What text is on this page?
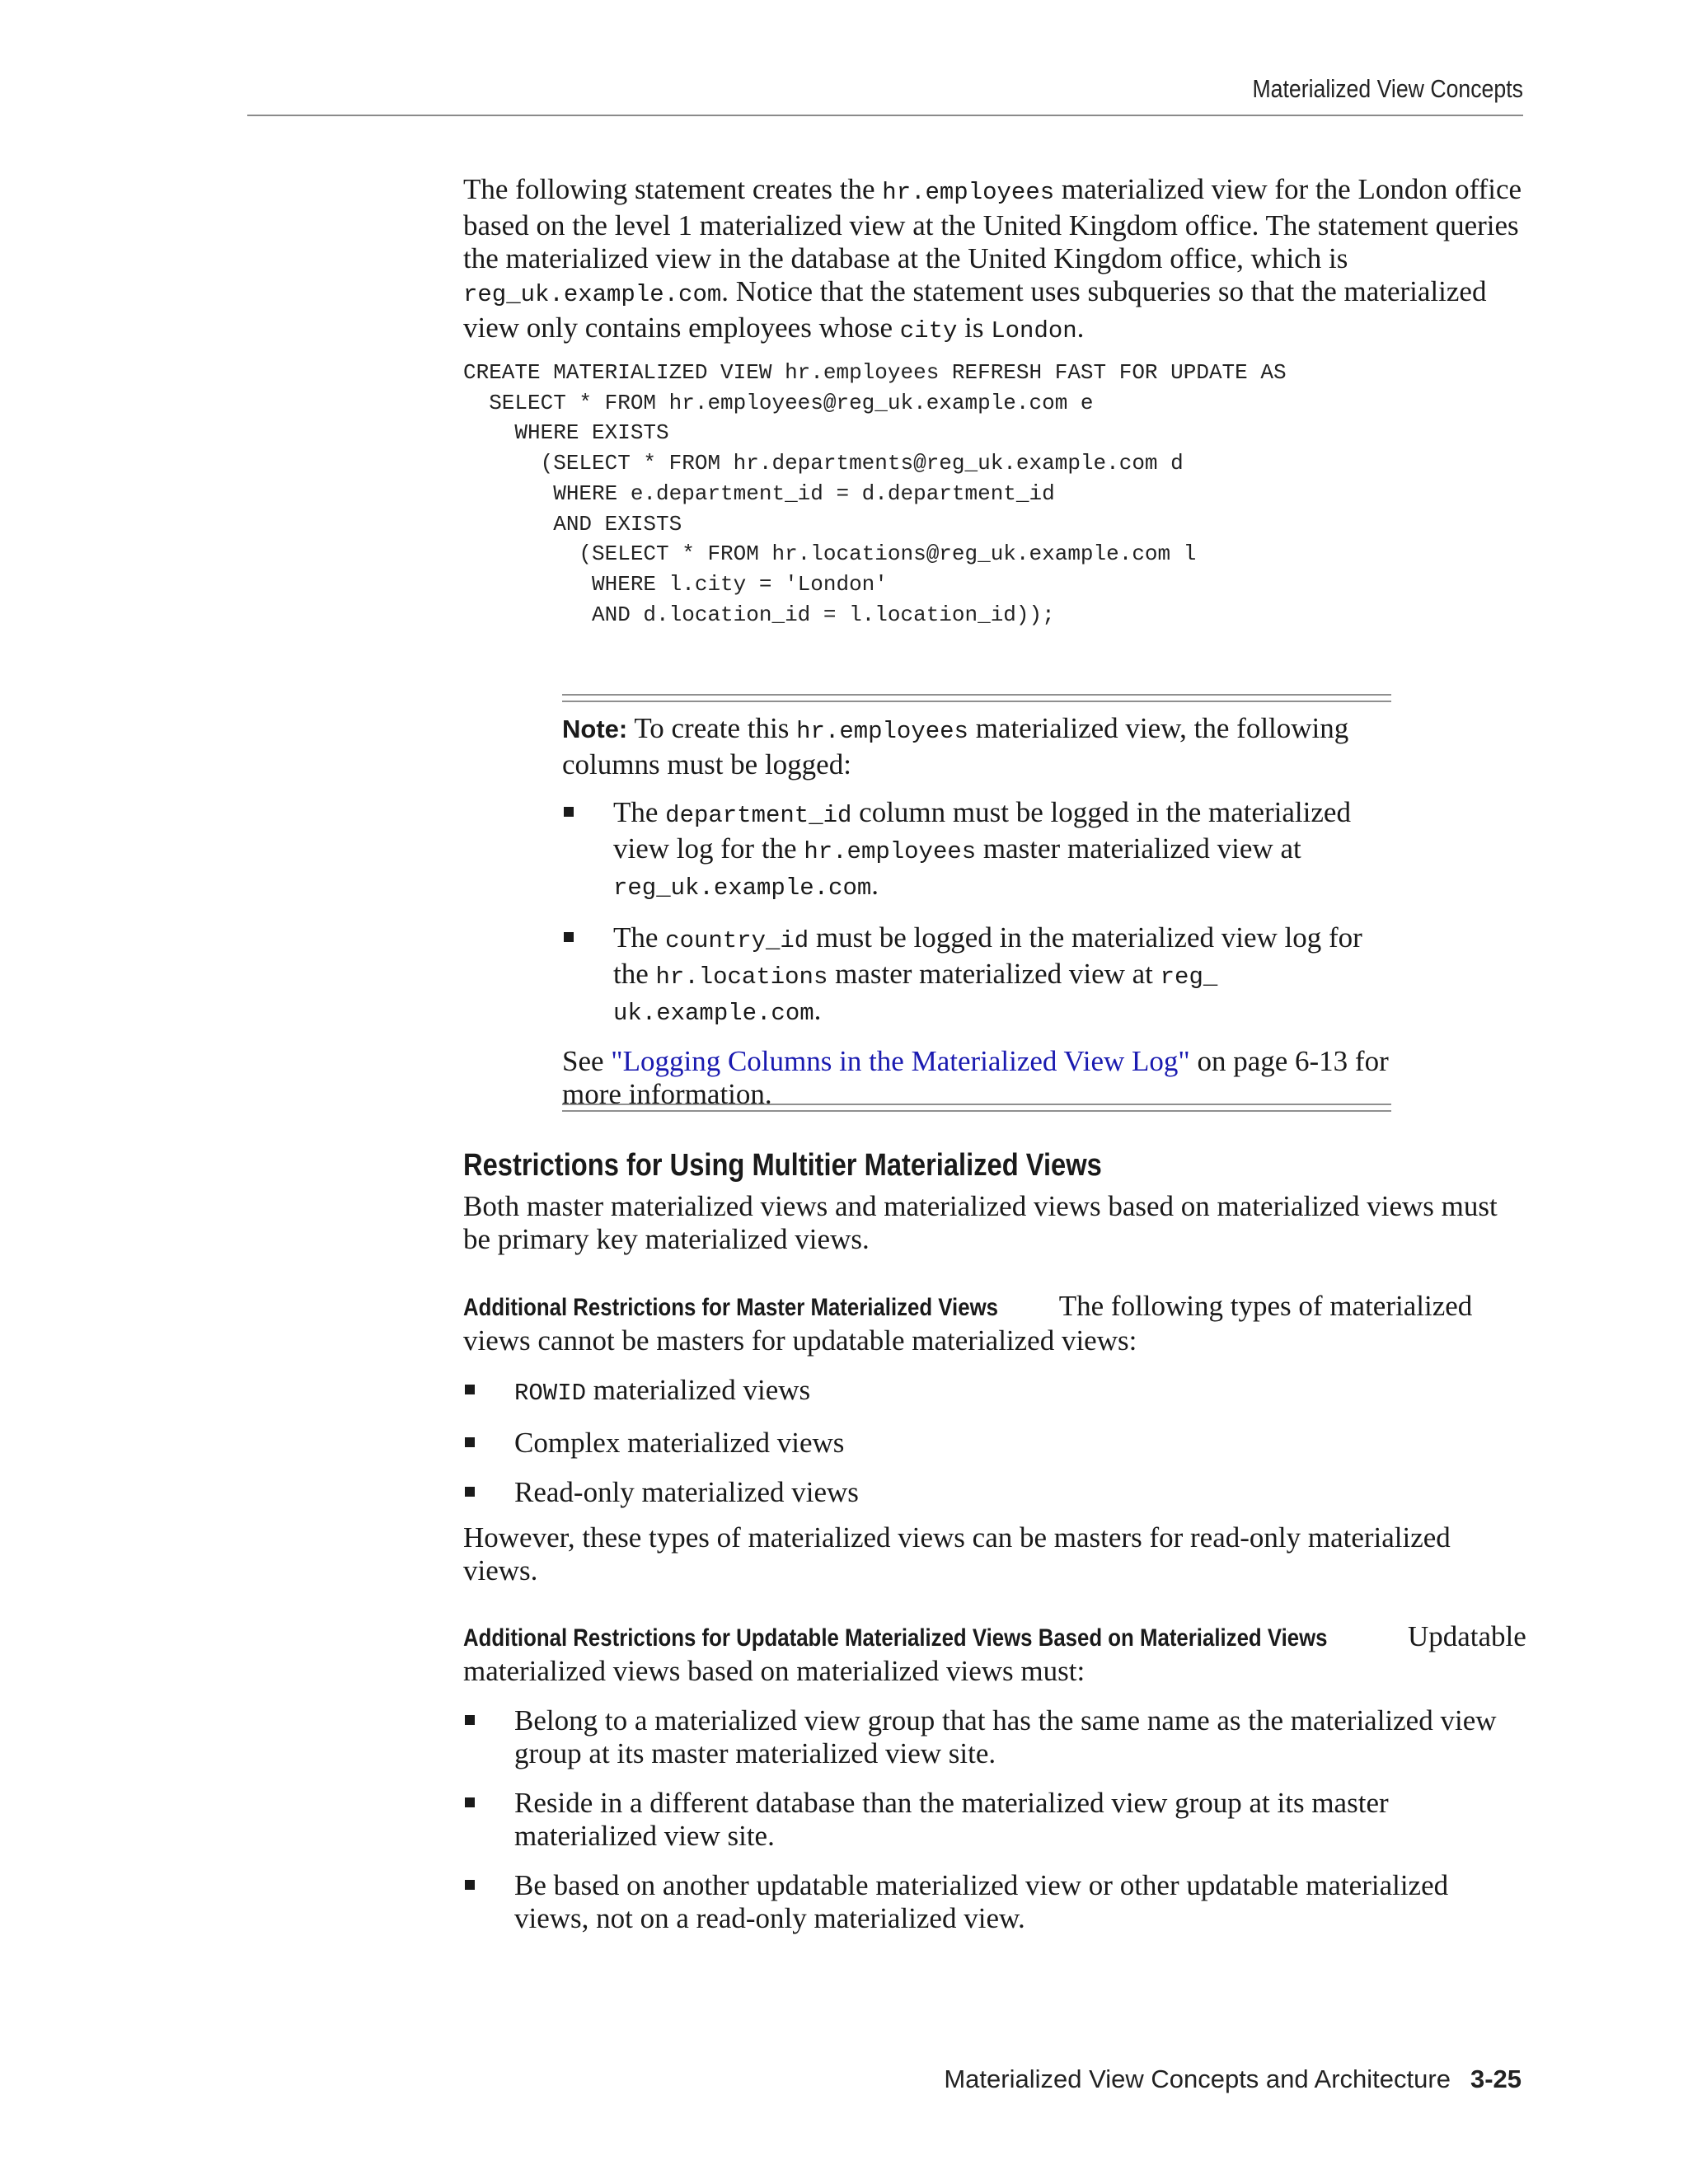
Materialized View Concepts
The following statement creates the hr.employees materialized view for the London office based on the level 1 materialized view at the United Kingdom office. The statement queries the materialized view in the database at the United Kingdom office, which is reg_uk.example.com. Notice that the statement uses subqueries so that the materialized view only contains employees whose city is London.
CREATE MATERIALIZED VIEW hr.employees REFRESH FAST FOR UPDATE AS
SELECT * FROM hr.employees@reg_uk.example.com e
WHERE EXISTS
(SELECT * FROM hr.departments@reg_uk.example.com d
WHERE e.department_id = d.department_id
AND EXISTS
(SELECT * FROM hr.locations@reg_uk.example.com l
WHERE l.city = 'London'
AND d.location_id = l.location_id));
Note: To create this hr.employees materialized view, the following columns must be logged:
The department_id column must be logged in the materialized view log for the hr.employees master materialized view at reg_uk.example.com.
The country_id must be logged in the materialized view log for the hr.locations master materialized view at reg_
uk.example.com.
See "Logging Columns in the Materialized View Log" on page 6-13 for more information.
Restrictions for Using Multitier Materialized Views
Both master materialized views and materialized views based on materialized views must be primary key materialized views.
Additional Restrictions for Master Materialized Views The following types of materialized views cannot be masters for updatable materialized views:
ROWID materialized views
Complex materialized views
Read-only materialized views
However, these types of materialized views can be masters for read-only materialized views.
Additional Restrictions for Updatable Materialized Views Based on Materialized Views	Updatable materialized views based on materialized views must:
Belong to a materialized view group that has the same name as the materialized view group at its master materialized view site.
Reside in a different database than the materialized view group at its master materialized view site.
Be based on another updatable materialized view or other updatable materialized views, not on a read-only materialized view.
Materialized View Concepts and Architecture 3-25
